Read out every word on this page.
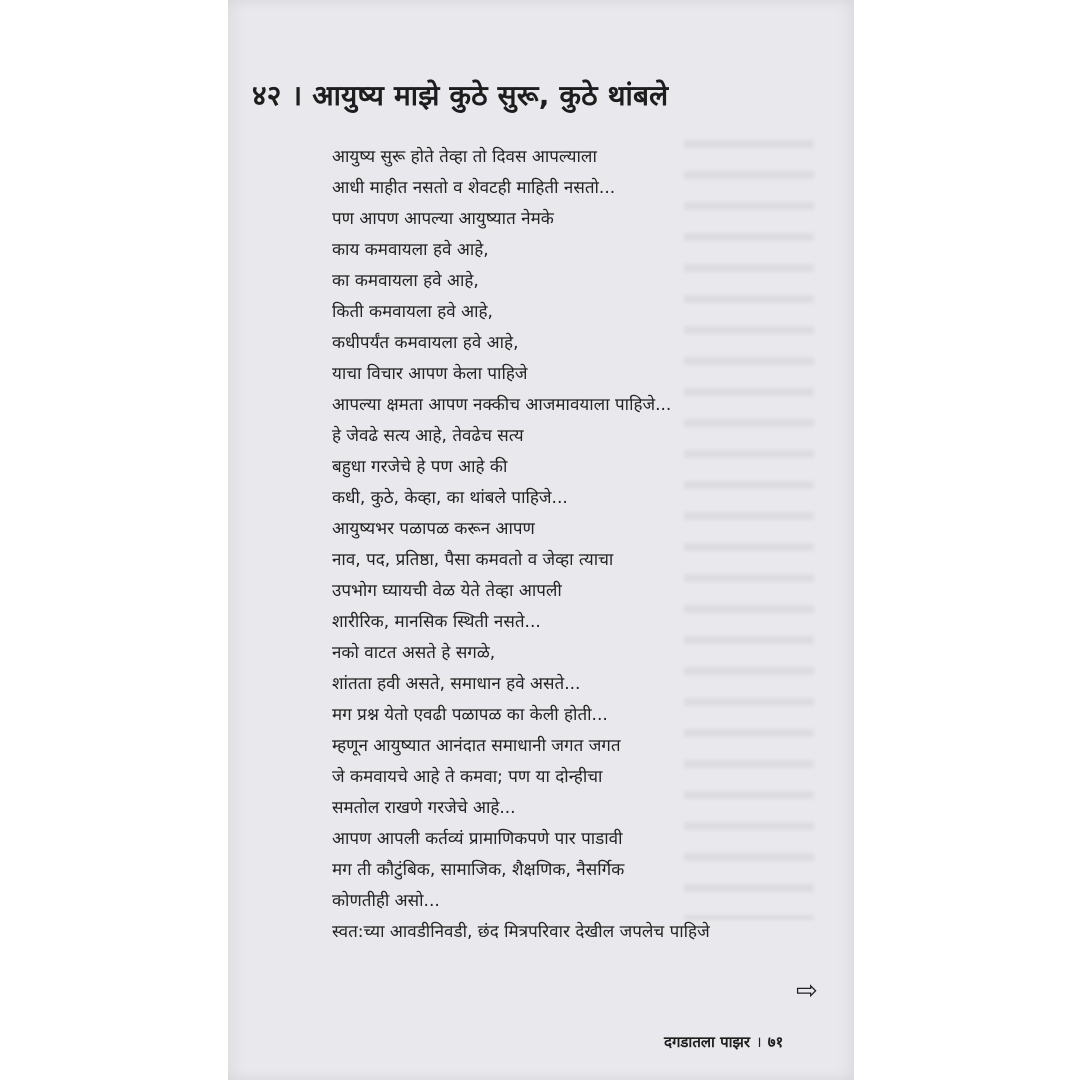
४२ । आयुष्य माझे कुठे सुरू, कुठे थांबले
आयुष्य सुरू होते तेव्हा तो दिवस आपल्याला
आधी माहीत नसतो व शेवटही माहिती नसतो...
पण आपण आपल्या आयुष्यात नेमके
काय कमवायला हवे आहे,
का कमवायला हवे आहे,
किती कमवायला हवे आहे,
कधीपर्यंत कमवायला हवे आहे,
याचा विचार आपण केला पाहिजे
आपल्या क्षमता आपण नक्कीच आजमावयाला पाहिजे...
हे जेवढे सत्य आहे, तेवढेच सत्य
बहुधा गरजेचे हे पण आहे की
कधी, कुठे, केव्हा, का थांबले पाहिजे...
आयुष्यभर पळापळ करून आपण
नाव, पद, प्रतिष्ठा, पैसा कमवतो व जेव्हा त्याचा
उपभोग घ्यायची वेळ येते तेव्हा आपली
शारीरिक, मानसिक स्थिती नसते...
नको वाटत असते हे सगळे,
शांतता हवी असते, समाधान हवे असते...
मग प्रश्न येतो एवढी पळापळ का केली होती...
म्हणून आयुष्यात आनंदात समाधानी जगत जगत
जे कमवायचे आहे ते कमवा; पण या दोन्हीचा
समतोल राखणे गरजेचे आहे...
आपण आपली कर्तव्यं प्रामाणिकपणे पार पाडावी
मग ती कौटुंबिक, सामाजिक, शैक्षणिक, नैसर्गिक
कोणतीही असो...
स्वत:च्या आवडीनिवडी, छंद मित्रपरिवार देखील जपलेच पाहिजे
⇨
दगडातला पाझर । ७१
